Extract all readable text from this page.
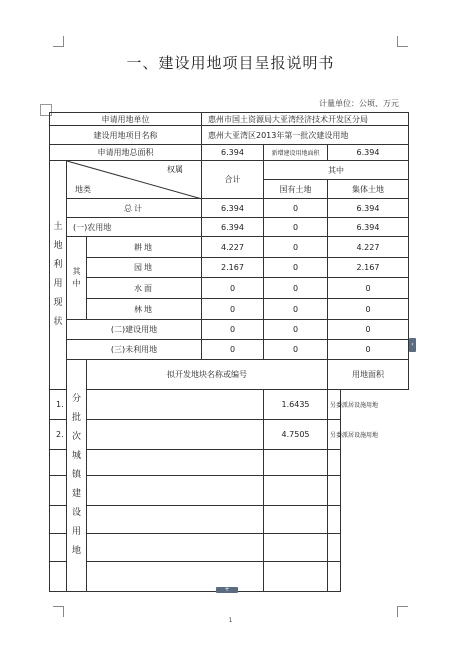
一、建设用地项目呈报说明书
计量单位：公顷、万元
申请用地单位			惠州市国土资源局大亚湾经济技术开发区分局			
建设用地项目名称			惠州大亚湾区2013年第一批次建设用地			
申请用地总面积			6.394	新增建设用地面积	6.394	
土地利用现状	权属
地类		合计	其中		
				国有土地	集体土地	
	总计		6.394	0	6.394	
	(一)农用地		6.394	0	6.394	
	其中	耕地	4.227	0	4.227	
		园地	2.167	0	2.167	
		水面	0	0	0	
		林地	0	0	0	
	(二)建设用地		0	0	0	
	(三)未利用地		0	0	0	
	分批次城镇建设用地	拟开发地块名称或编号			用地面积	
1.				1.6435	另委派居设施用地	
2.				4.7505	另委派居设施用地	

‹
+
1
